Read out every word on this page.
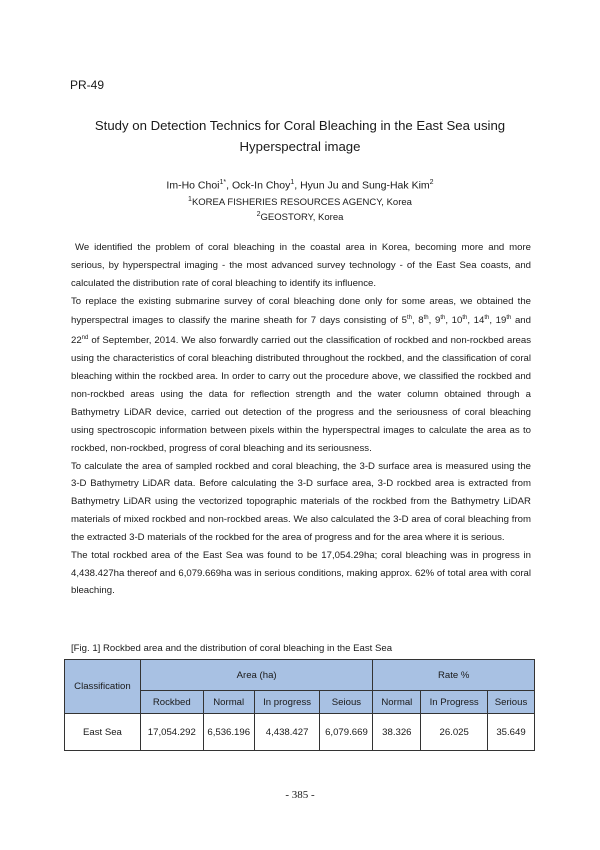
PR-49
Study on Detection Technics for Coral Bleaching in the East Sea using
Hyperspectral image
Im-Ho Choi$^{1*}$, Ock-In Choy$^1$, Hyun Ju and Sung-Hak Kim$^2$
$^1$KOREA FISHERIES RESOURCES AGENCY, Korea
$^2$GEOSTORY, Korea

We identified the problem of coral bleaching in the coastal area in Korea, becoming more and more serious, by hyperspectral imaging - the most advanced survey technology - of the East Sea coasts, and calculated the distribution rate of coral bleaching to identify its influence.

To replace the existing submarine survey of coral bleaching done only for some areas, we obtained the hyperspectral images to classify the marine sheath for 7 days consisting of 5th, 8th, 9th, 10th, 14th, 19th and 22nd of September, 2014. We also forwardly carried out the classification of rockbed and non-rockbed areas using the characteristics of coral bleaching distributed throughout the rockbed, and the classification of coral bleaching within the rockbed area. In order to carry out the procedure above, we classified the rockbed and non-rockbed areas using the data for reflection strength and the water column obtained through a Bathymetry LiDAR device, carried out detection of the progress and the seriousness of coral bleaching using spectroscopic information between pixels within the hyperspectral images to calculate the area as to rockbed, non-rockbed, progress of coral bleaching and its seriousness.

To calculate the area of sampled rockbed and coral bleaching, the 3-D surface area is measured using the 3-D Bathymetry LiDAR data. Before calculating the 3-D surface area, 3-D rockbed area is extracted from Bathymetry LiDAR using the vectorized topographic materials of the rockbed from the Bathymetry LiDAR materials of mixed rockbed and non-rockbed areas. We also calculated the 3-D area of coral bleaching from the extracted 3-D materials of the rockbed for the area of progress and for the area where it is serious.

The total rockbed area of the East Sea was found to be 17,054.29ha; coral bleaching was in progress in 4,438.427ha thereof and 6,079.669ha was in serious conditions, making approx. 62% of total area with coral bleaching.

[Fig. 1] Rockbed area and the distribution of coral bleaching in the East Sea
Classification	Area (ha)				Rate %		
	Rockbed	Normal	In progress	Seious	Normal	In Progress	Serious
East Sea	17,054.292	6,536.196	4,438.427	6,079.669	38.326	26.025	35.649
- 385 -
